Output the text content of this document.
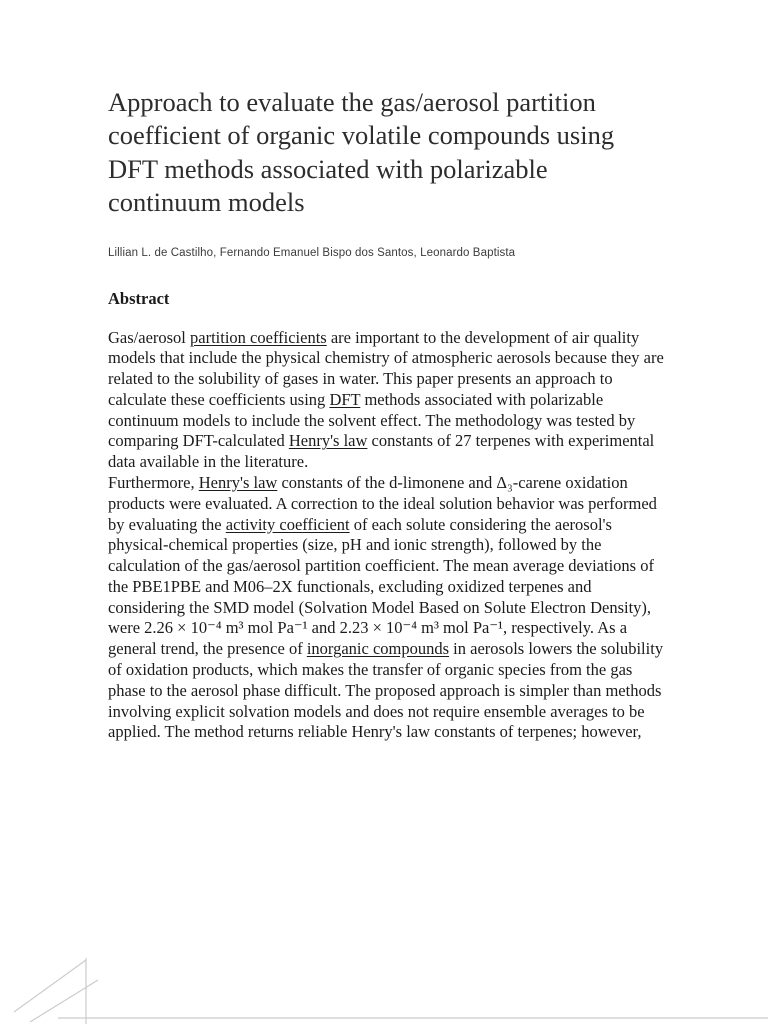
Approach to evaluate the gas/aerosol partition coefficient of organic volatile compounds using DFT methods associated with polarizable continuum models
Lillian L. de Castilho, Fernando Emanuel Bispo dos Santos, Leonardo Baptista
Abstract

Gas/aerosol partition coefficients are important to the development of air quality models that include the physical chemistry of atmospheric aerosols because they are related to the solubility of gases in water. This paper presents an approach to calculate these coefficients using DFT methods associated with polarizable continuum models to include the solvent effect. The methodology was tested by comparing DFT-calculated Henry's law constants of 27 terpenes with experimental data available in the literature.
Furthermore, Henry's law constants of the d-limonene and Δ₃-carene oxidation products were evaluated. A correction to the ideal solution behavior was performed by evaluating the activity coefficient of each solute considering the aerosol's physical-chemical properties (size, pH and ionic strength), followed by the calculation of the gas/aerosol partition coefficient. The mean average deviations of the PBE1PBE and M06–2X functionals, excluding oxidized terpenes and considering the SMD model (Solvation Model Based on Solute Electron Density), were 2.26 × 10⁻⁴ m³ mol Pa⁻¹ and 2.23 × 10⁻⁴ m³ mol Pa⁻¹, respectively. As a general trend, the presence of inorganic compounds in aerosols lowers the solubility of oxidation products, which makes the transfer of organic species from the gas phase to the aerosol phase difficult. The proposed approach is simpler than methods involving explicit solvation models and does not require ensemble averages to be applied. The method returns reliable Henry's law constants of terpenes; however,
